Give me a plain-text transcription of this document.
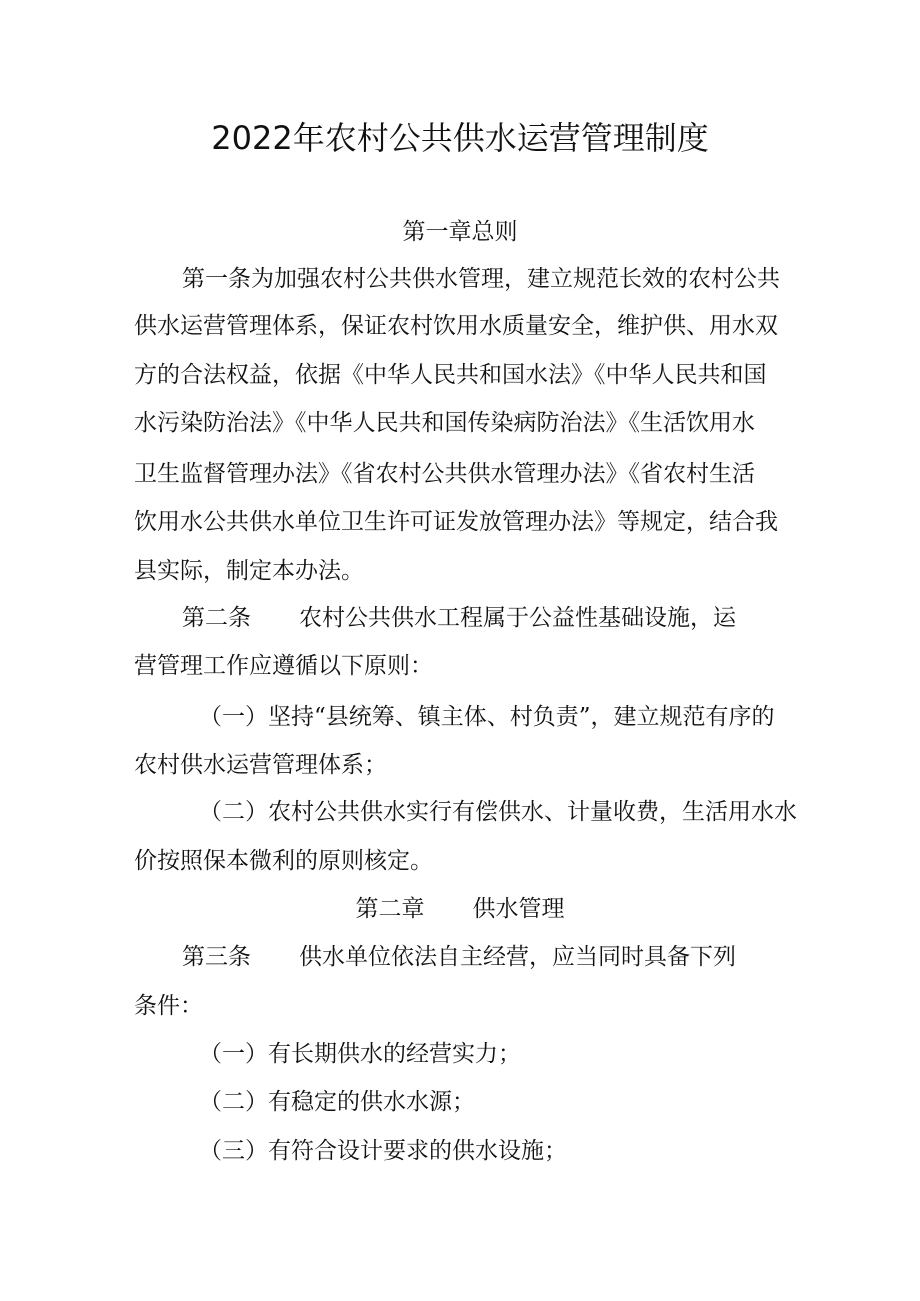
2022年农村公共供水运营管理制度

第一章总则

第一条为加强农村公共供水管理，建立规范长效的农村公共

供水运营管理体系，保证农村饮用水质量安全，维护供、用水双

方的合法权益，依据《中华人民共和国水法》《中华人民共和国

水污染防治法》《中华人民共和国传染病防治法》《生活饮用水

卫生监督管理办法》《省农村公共供水管理办法》《省农村生活

饮用水公共供水单位卫生许可证发放管理办法》等规定，结合我

县实际，制定本办法。

第二条 农村公共供水工程属于公益性基础设施，运

营管理工作应遵循以下原则：

（一）坚持“县统筹、镇主体、村负责”，建立规范有序的

农村供水运营管理体系；

（二）农村公共供水实行有偿供水、计量收费，生活用水水

价按照保本微利的原则核定。

第二章 供水管理

第三条 供水单位依法自主经营，应当同时具备下列

条件：

（一）有长期供水的经营实力；

（二）有稳定的供水水源；

（三）有符合设计要求的供水设施；
